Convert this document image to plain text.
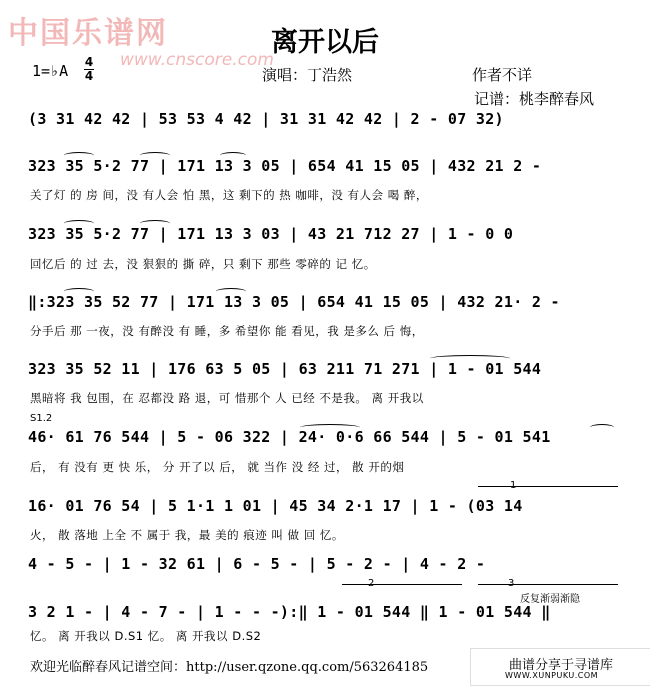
中国乐谱网
www.cnscore.com
离开以后
演唱：丁浩然	作者不详
记谱：桃李醉春风
1=♭A 4
4
(3 31 42 42 | 53 53 4 42 | 31 31 42 42 | 2 - 07 32)
323 35 5·2 77 | 171 13 3 05 | 654 41 15 05 | 432 21 2 -
关了灯 的 房 间，没 有人会 怕 黑，这 剩下的 热 咖啡，没 有人会 喝 醉，
323 35 5·2 77 | 171 13 3 03 | 43 21 712 27 | 1 - 0 0
回忆后 的 过 去，没 狠狠的 撕 碎，只 剩下 那些 零碎的 记 忆。
‖:323 35 52 77 | 171 13 3 05 | 654 41 15 05 | 432 21· 2 -
分手后 那 一夜，没 有醉没 有 睡，多 希望你 能 看见，我 是多么 后 悔，
323 35 52 11 | 176 63 5 05 | 63 211 71 271 | 1 - 01 544
黑暗将 我 包围，在 忍都没 路 退，可 惜那个 人 已经 不是我。 离 开我以
S1.2
46· 61 76 544 | 5 - 06 322 | 24· 0·6 66 544 | 5 - 01 541
后， 有 没有 更 快 乐， 分 开了以 后， 就 当作 没 经 过， 散 开的烟
16· 01 76 54 | 5 1·1 1 01 | 45 34 2·1 17 | 1 - (03 14
火， 散 落地 上全 不 属于 我，最 美的 痕迹 叫 做 回 忆。
4 - 5 - | 1 - 32 61 | 6 - 5 - | 5 - 2 - | 4 - 2 -
反复渐弱渐隐
3 2 1 - | 4 - 7 - | 1 - - -):‖ 1 - 01 544 ‖ 1 - 01 544 ‖
忆。 离 开我以 D.S1 忆。 离 开我以 D.S2
欢迎光临醉春风记谱空间：http://user.qzone.qq.com/563264185	曲谱分享于寻谱库
WWW.XUNPUKU.COM
